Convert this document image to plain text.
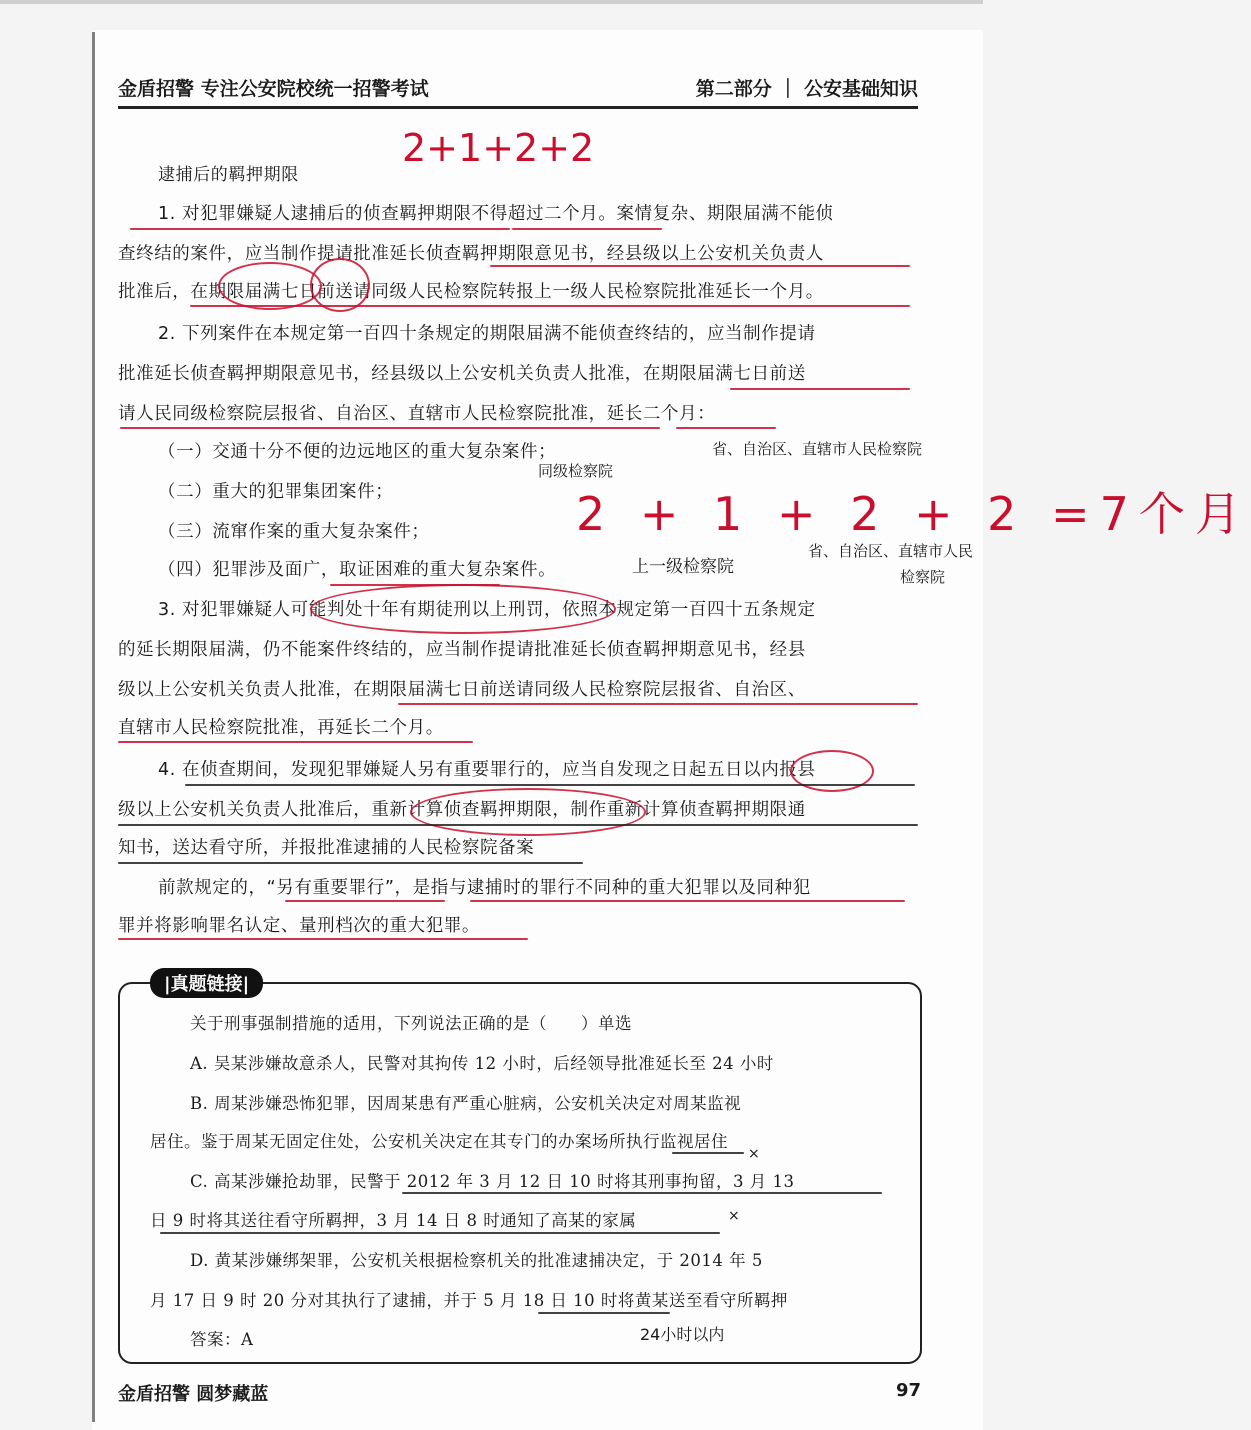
金盾招警 专注公安院校统一招警考试	第二部分 ｜ 公安基础知识
逮捕后的羁押期限
2+1+2+2
1. 对犯罪嫌疑人逮捕后的侦查羁押期限不得超过二个月。案情复杂、期限届满不能侦
查终结的案件，应当制作提请批准延长侦查羁押期限意见书，经县级以上公安机关负责人
批准后，在期限届满七日前送请同级人民检察院转报上一级人民检察院批准延长一个月。
2. 下列案件在本规定第一百四十条规定的期限届满不能侦查终结的，应当制作提请
批准延长侦查羁押期限意见书，经县级以上公安机关负责人批准，在期限届满七日前送
请人民同级检察院层报省、自治区、直辖市人民检察院批准，延长二个月：
（一）交通十分不便的边远地区的重大复杂案件；
（二）重大的犯罪集团案件；
（三）流窜作案的重大复杂案件；
（四）犯罪涉及面广，取证困难的重大复杂案件。
省、自治区、直辖市人民检察院
同级检察院
2 + 1 + 2 + 2 =7个月
上一级检察院
省、自治区、直辖市人民
检察院
3. 对犯罪嫌疑人可能判处十年有期徒刑以上刑罚，依照本规定第一百四十五条规定
的延长期限届满，仍不能案件终结的，应当制作提请批准延长侦查羁押期意见书，经县
级以上公安机关负责人批准，在期限届满七日前送请同级人民检察院层报省、自治区、
直辖市人民检察院批准，再延长二个月。
4. 在侦查期间，发现犯罪嫌疑人另有重要罪行的，应当自发现之日起五日以内报县
级以上公安机关负责人批准后，重新计算侦查羁押期限，制作重新计算侦查羁押期限通
知书，送达看守所，并报批准逮捕的人民检察院备案
前款规定的，“另有重要罪行”，是指与逮捕时的罪行不同种的重大犯罪以及同种犯
罪并将影响罪名认定、量刑档次的重大犯罪。
|真题链接|
关于刑事强制措施的适用，下列说法正确的是（　　）单选
A. 吴某涉嫌故意杀人，民警对其拘传 12 小时，后经领导批准延长至 24 小时
B. 周某涉嫌恐怖犯罪，因周某患有严重心脏病，公安机关决定对周某监视
居住。鉴于周某无固定住处，公安机关决定在其专门的办案场所执行监视居住
×
C. 高某涉嫌抢劫罪，民警于 2012 年 3 月 12 日 10 时将其刑事拘留，3 月 13
日 9 时将其送往看守所羁押，3 月 14 日 8 时通知了高某的家属	×
D. 黄某涉嫌绑架罪，公安机关根据检察机关的批准逮捕决定，于 2014 年 5
月 17 日 9 时 20 分对其执行了逮捕，并于 5 月 18 日 10 时将黄某送至看守所羁押
答案：A	24小时以内
金盾招警 圆梦藏蓝	97
